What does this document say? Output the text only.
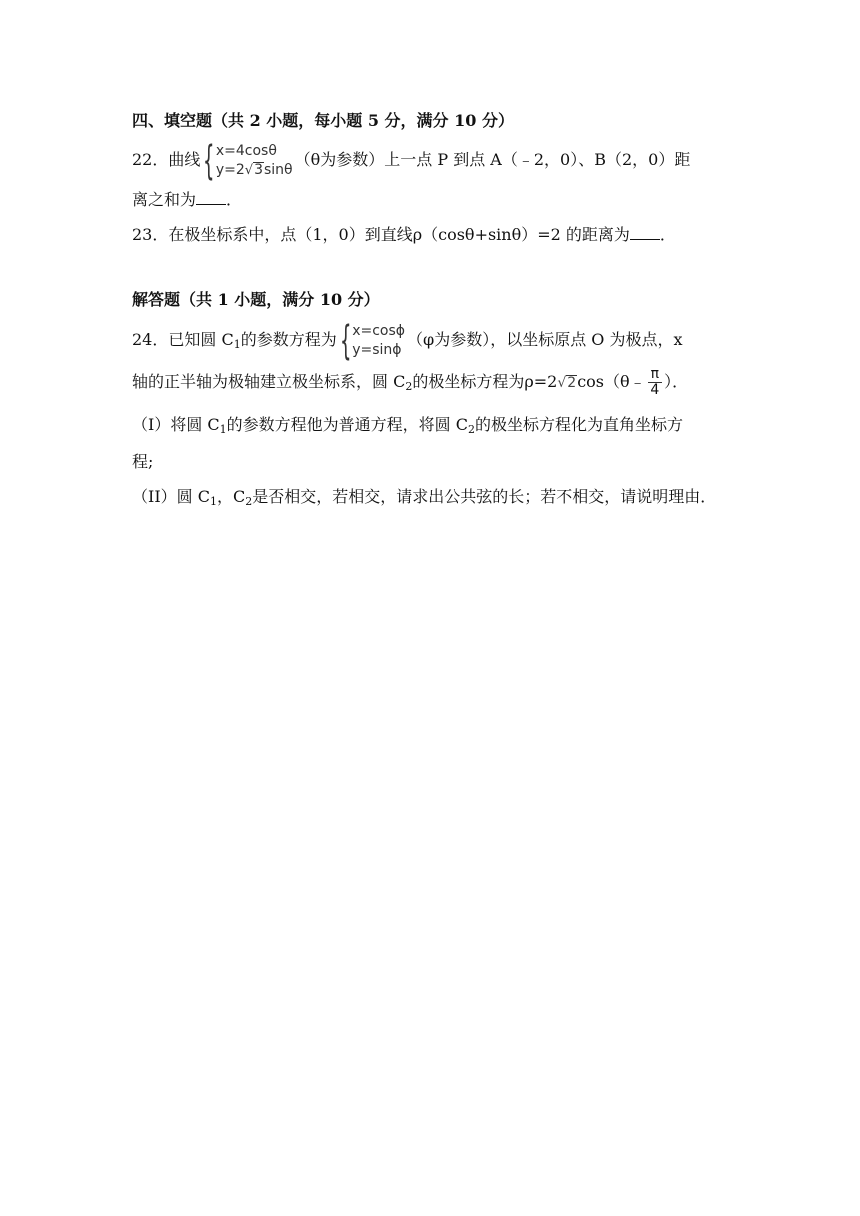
四、填空题（共 2 小题，每小题 5 分，满分 10 分）
22．曲线 { x=4cosθ
y=2√3sinθ
（θ为参数）上一点 P 到点 A（﹣2，0）、B（2，0）距
离之和为 ．
23．在极坐标系中，点（1，0）到直线ρ（cosθ+sinθ）=2 的距离为 ．
解答题（共 1 小题，满分 10 分）
24．已知圆 $C_1$的参数方程为 { x=cosϕ
y=sinϕ
（φ为参数），以坐标原点 O 为极点，x
轴的正半轴为极轴建立极坐标系，圆 $C_2$的极坐标方程为ρ=2√2cos（θ﹣ $\frac{\pi}{4}$ ）．
（I）将圆 $C_1$的参数方程他为普通方程，将圆 $C_2$的极坐标方程化为直角坐标方
程;
（II）圆 $C_1$，$C_2$是否相交，若相交，请求出公共弦的长；若不相交，请说明理由．
